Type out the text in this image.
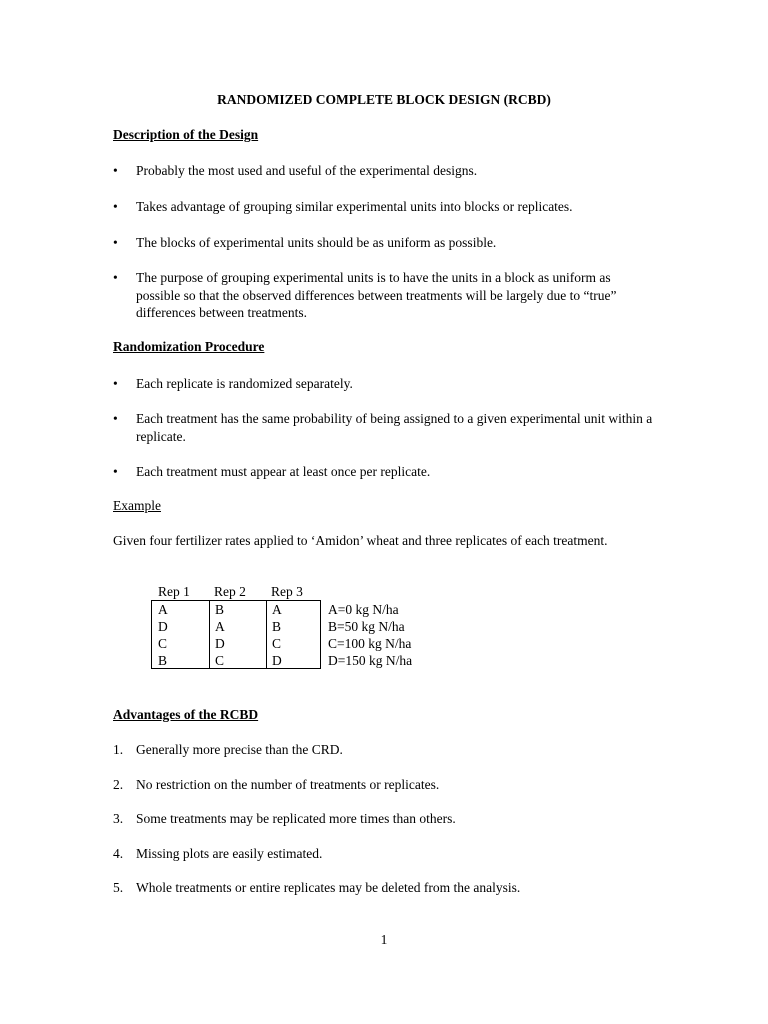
RANDOMIZED COMPLETE BLOCK DESIGN (RCBD)
Description of the Design
•	Probably the most used and useful of the experimental designs.
•	Takes advantage of grouping similar experimental units into blocks or replicates.
•	The blocks of experimental units should be as uniform as possible.
•	The purpose of grouping experimental units is to have the units in a block as uniform as possible so that the observed differences between treatments will be largely due to “true” differences between treatments.
Randomization Procedure
•	Each replicate is randomized separately.
•	Each treatment has the same probability of being assigned to a given experimental unit within a replicate.
•	Each treatment must appear at least once per replicate.
Example
Given four fertilizer rates applied to ‘Amidon’ wheat and three replicates of each treatment.
Rep 1 Rep 2 Rep 3
A	B	A
D	A	B
C	D	C
B	C	D
A=0 kg N/ha
B=50 kg N/ha
C=100 kg N/ha
D=150 kg N/ha
Advantages of the RCBD
1. Generally more precise than the CRD.
2. No restriction on the number of treatments or replicates.
3. Some treatments may be replicated more times than others.
4. Missing plots are easily estimated.
5. Whole treatments or entire replicates may be deleted from the analysis.
1
